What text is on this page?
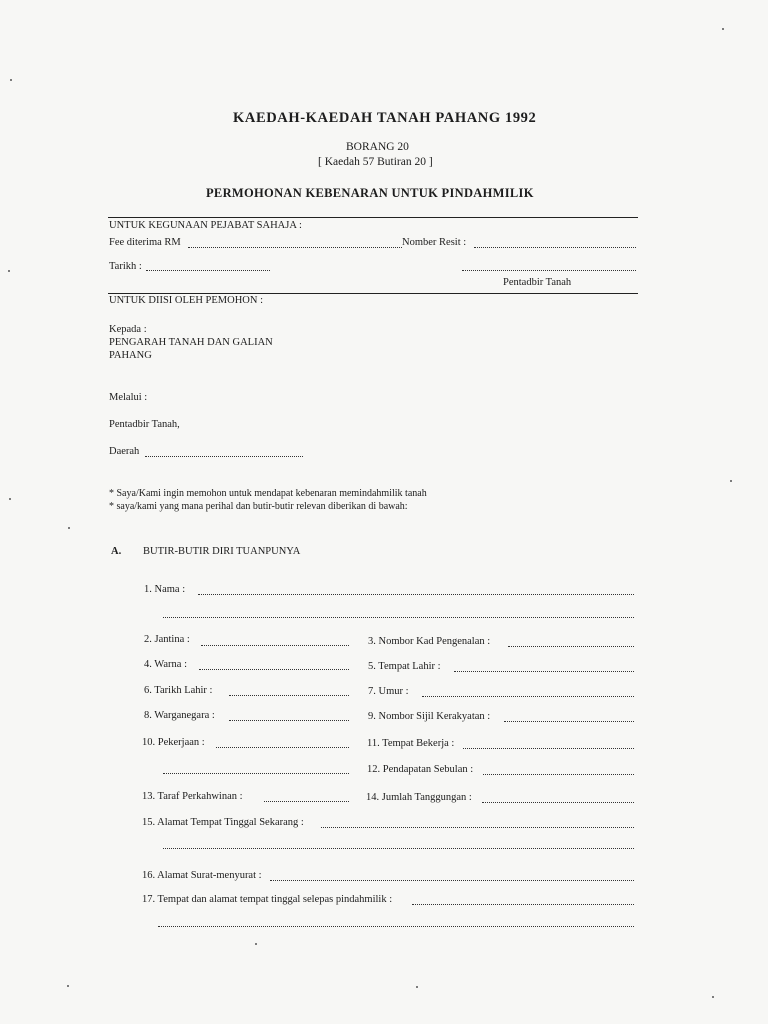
KAEDAH-KAEDAH TANAH PAHANG 1992
BORANG 20
[ Kaedah 57 Butiran 20 ]
PERMOHONAN KEBENARAN UNTUK PINDAHMILIK
UNTUK KEGUNAAN PEJABAT SAHAJA :
Fee diterima RM	Nomber Resit :
Tarikh :
Pentadbir Tanah
UNTUK DIISI OLEH PEMOHON :
Kepada :
PENGARAH TANAH DAN GALIAN
PAHANG
Melalui :
Pentadbir Tanah,
Daerah
* Saya/Kami ingin memohon untuk mendapat kebenaran memindahmilik tanah
* saya/kami yang mana perihal dan butir-butir relevan diberikan di bawah:
A. BUTIR-BUTIR DIRI TUANPUNYA
1. Nama :
2. Jantina :	3. Nombor Kad Pengenalan :
4. Warna :	5. Tempat Lahir :
6. Tarikh Lahir :	7. Umur :
8. Warganegara :	9. Nombor Sijil Kerakyatan :
10. Pekerjaan :	11. Tempat Bekerja :
12. Pendapatan Sebulan :
13. Taraf Perkahwinan :	14. Jumlah Tanggungan :
15. Alamat Tempat Tinggal Sekarang :
16. Alamat Surat-menyurat :
17. Tempat dan alamat tempat tinggal selepas pindahmilik :
